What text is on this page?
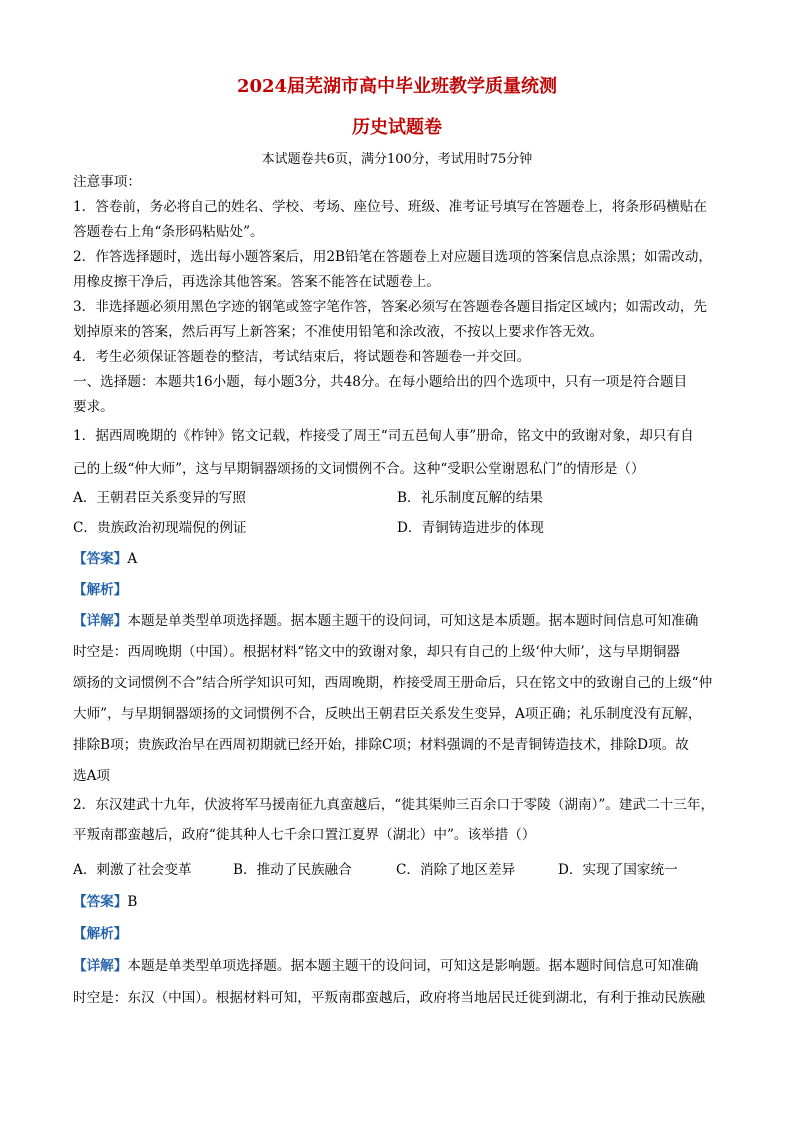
2024届芜湖市高中毕业班教学质量统测
历史试题卷
本试题卷共6页，满分100分，考试用时75分钟
注意事项：
1．答卷前，务必将自己的姓名、学校、考场、座位号、班级、准考证号填写在答题卷上，将条形码横贴在
答题卷右上角“条形码粘贴处”。
2．作答选择题时，选出每小题答案后，用2B铅笔在答题卷上对应题目选项的答案信息点涂黑；如需改动，
用橡皮擦干净后，再选涂其他答案。答案不能答在试题卷上。
3．非选择题必须用黑色字迹的钢笔或签字笔作答，答案必须写在答题卷各题目指定区域内；如需改动，先
划掉原来的答案，然后再写上新答案；不准使用铅笔和涂改液，不按以上要求作答无效。
4．考生必须保证答题卷的整洁，考试结束后，将试题卷和答题卷一并交回。
一、选择题：本题共16小题，每小题3分，共48分。在每小题给出的四个选项中，只有一项是符合题目
要求。
1．据西周晚期的《柞钟》铭文记载，柞接受了周王“司五邑甸人事”册命，铭文中的致谢对象，却只有自
己的上级“仲大师”，这与早期铜器颂扬的文词惯例不合。这种“受职公堂谢恩私门”的情形是（）
A．王朝君臣关系变异的写照	B．礼乐制度瓦解的结果
C．贵族政治初现端倪的例证	D．青铜铸造进步的体现
【答案】A
【解析】
【详解】本题是单类型单项选择题。据本题主题干的设问词，可知这是本质题。据本题时间信息可知准确
时空是：西周晚期（中国）。根据材料“铭文中的致谢对象，却只有自己的上级‘仲大师’，这与早期铜器
颂扬的文词惯例不合”结合所学知识可知，西周晚期，柞接受周王册命后，只在铭文中的致谢自己的上级“仲
大师”，与早期铜器颂扬的文词惯例不合，反映出王朝君臣关系发生变异，A项正确；礼乐制度没有瓦解，
排除B项；贵族政治早在西周初期就已经开始，排除C项；材料强调的不是青铜铸造技术，排除D项。故
选A项
2．东汉建武十九年，伏波将军马援南征九真蛮越后，“徙其渠帅三百余口于零陵（湖南）”。建武二十三年，
平叛南郡蛮越后，政府“徙其种人七千余口置江夏界（湖北）中”。该举措（）
A．刺激了社会变革	B．推动了民族融合	C．消除了地区差异	D．实现了国家统一
【答案】B
【解析】
【详解】本题是单类型单项选择题。据本题主题干的设问词，可知这是影响题。据本题时间信息可知准确
时空是：东汉（中国）。根据材料可知，平叛南郡蛮越后，政府将当地居民迁徙到湖北，有利于推动民族融
